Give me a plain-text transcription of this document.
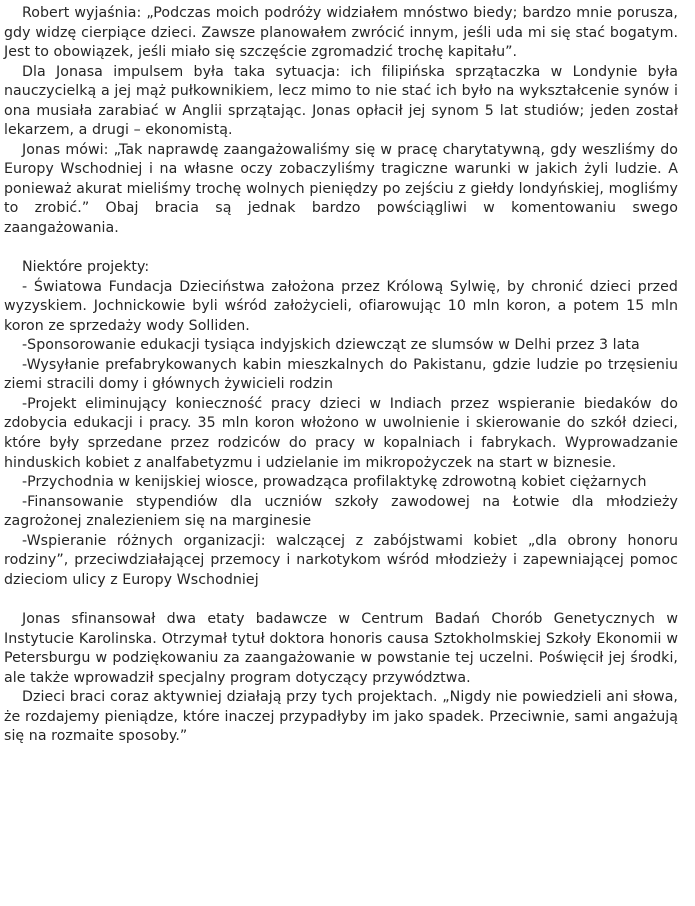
Robert wyjaśnia: „Podczas moich podróży widziałem mnóstwo biedy; bardzo mnie porusza, gdy widzę cierpiące dzieci. Zawsze planowałem zwrócić innym, jeśli uda mi się stać bogatym. Jest to obowiązek, jeśli miało się szczęście zgromadzić trochę kapitału”.

Dla Jonasa impulsem była taka sytuacja: ich filipińska sprzątaczka w Londynie była nauczycielką a jej mąż pułkownikiem, lecz mimo to nie stać ich było na wykształcenie synów i ona musiała zarabiać w Anglii sprzątając. Jonas opłacił jej synom 5 lat studiów; jeden został lekarzem, a drugi – ekonomistą.

Jonas mówi: „Tak naprawdę zaangażowaliśmy się w pracę charytatywną, gdy weszliśmy do Europy Wschodniej i na własne oczy zobaczyliśmy tragiczne warunki w jakich żyli ludzie. A ponieważ akurat mieliśmy trochę wolnych pieniędzy po zejściu z giełdy londyńskiej, mogliśmy to zrobić.” Obaj bracia są jednak bardzo powściągliwi w komentowaniu swego zaangażowania.

Niektóre projekty:

- Światowa Fundacja Dzieciństwa założona przez Królową Sylwię, by chronić dzieci przed wyzyskiem. Jochnickowie byli wśród założycieli, ofiarowując 10 mln koron, a potem 15 mln koron ze sprzedaży wody Solliden.

-Sponsorowanie edukacji tysiąca indyjskich dziewcząt ze slumsów w Delhi przez 3 lata

-Wysyłanie prefabrykowanych kabin mieszkalnych do Pakistanu, gdzie ludzie po trzęsieniu ziemi stracili domy i głównych żywicieli rodzin

-Projekt eliminujący konieczność pracy dzieci w Indiach przez wspieranie biedaków do zdobycia edukacji i pracy. 35 mln koron włożono w uwolnienie i skierowanie do szkół dzieci, które były sprzedane przez rodziców do pracy w kopalniach i fabrykach. Wyprowadzanie hinduskich kobiet z analfabetyzmu i udzielanie im mikropożyczek na start w biznesie.

-Przychodnia w kenijskiej wiosce, prowadząca profilaktykę zdrowotną kobiet ciężarnych

-Finansowanie stypendiów dla uczniów szkoły zawodowej na Łotwie dla młodzieży zagrożonej znalezieniem się na marginesie

-Wspieranie różnych organizacji: walczącej z zabójstwami kobiet „dla obrony honoru rodziny”, przeciwdziałającej przemocy i narkotykom wśród młodzieży i zapewniającej pomoc dzieciom ulicy z Europy Wschodniej

Jonas sfinansował dwa etaty badawcze w Centrum Badań Chorób Genetycznych w Instytucie Karolinska. Otrzymał tytuł doktora honoris causa Sztokholmskiej Szkoły Ekonomii w Petersburgu w podziękowaniu za zaangażowanie w powstanie tej uczelni. Poświęcił jej środki, ale także wprowadził specjalny program dotyczący przywództwa.

Dzieci braci coraz aktywniej działają przy tych projektach. „Nigdy nie powiedzieli ani słowa, że rozdajemy pieniądze, które inaczej przypadłyby im jako spadek. Przeciwnie, sami angażują się na rozmaite sposoby.”
